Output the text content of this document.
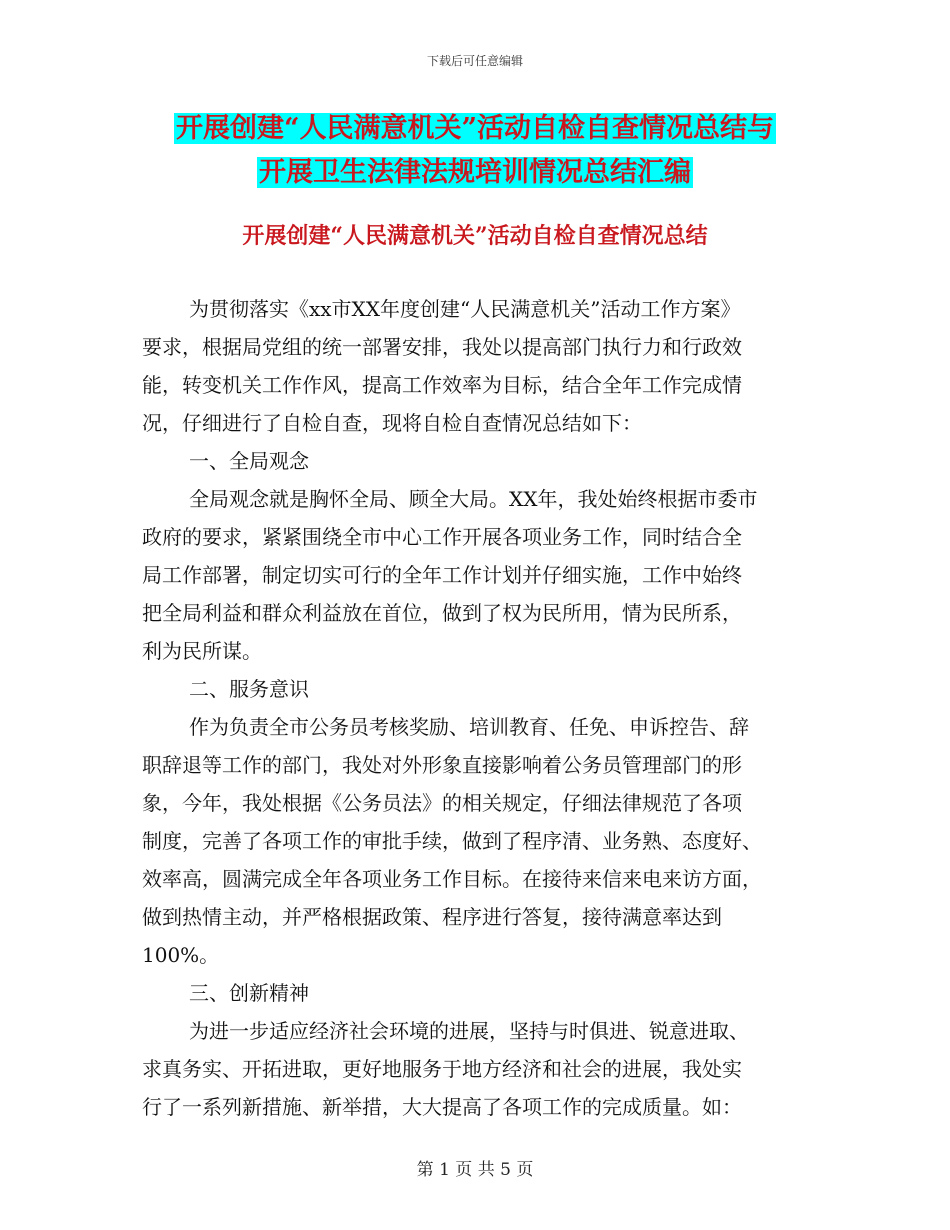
下载后可任意编辑
开展创建“人民满意机关”活动自检自查情况总结与
开展卫生法律法规培训情况总结汇编
开展创建“人民满意机关”活动自检自查情况总结
为贯彻落实《xx市XX年度创建“人民满意机关”活动工作方案》
要求，根据局党组的统一部署安排，我处以提高部门执行力和行政效
能，转变机关工作作风，提高工作效率为目标，结合全年工作完成情
况，仔细进行了自检自查，现将自检自查情况总结如下：
一、全局观念
全局观念就是胸怀全局、顾全大局。XX年，我处始终根据市委市
政府的要求，紧紧围绕全市中心工作开展各项业务工作，同时结合全
局工作部署，制定切实可行的全年工作计划并仔细实施，工作中始终
把全局利益和群众利益放在首位，做到了权为民所用，情为民所系，
利为民所谋。
二、服务意识
作为负责全市公务员考核奖励、培训教育、任免、申诉控告、辞
职辞退等工作的部门，我处对外形象直接影响着公务员管理部门的形
象，今年，我处根据《公务员法》的相关规定，仔细法律规范了各项
制度，完善了各项工作的审批手续，做到了程序清、业务熟、态度好、
效率高，圆满完成全年各项业务工作目标。在接待来信来电来访方面，
做到热情主动，并严格根据政策、程序进行答复，接待满意率达到
100%。
三、创新精神
为进一步适应经济社会环境的进展，坚持与时俱进、锐意进取、
求真务实、开拓进取，更好地服务于地方经济和社会的进展，我处实
行了一系列新措施、新举措，大大提高了各项工作的完成质量。如：
第 1 页 共 5 页
